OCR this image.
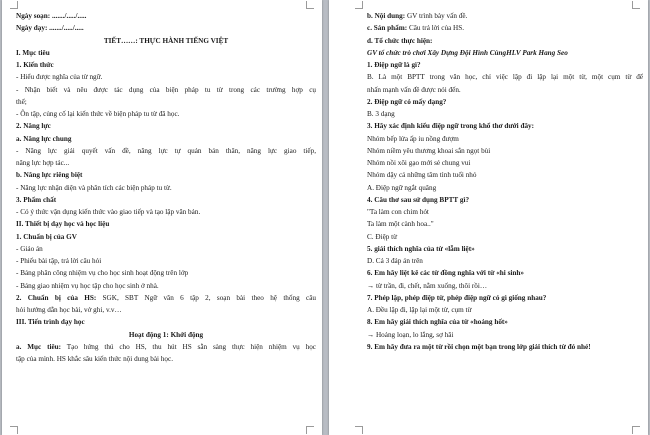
Ngày soạn: ......./...../.....
Ngày dạy: ......./...../.....
TIẾT……: THỰC HÀNH TIẾNG VIỆT
I. Mục tiêu
1. Kiến thức
- Hiểu được nghĩa của từ ngữ.
- Nhận biết và nêu được tác dụng của biện pháp tu từ trong các trường hợp cụ
thể;
- Ôn tập, củng cố lại kiến thức về biện pháp tu từ đã học.
2. Năng lực
a. Năng lực chung
- Năng lực giải quyết vấn đề, năng lực tự quản bản thân, năng lực giao tiếp,
năng lực hợp tác...
b. Năng lực riêng biệt
- Năng lực nhận diện và phân tích các biện pháp tu từ.
3. Phẩm chất
- Có ý thức vận dụng kiến thức vào giao tiếp và tạo lập văn bản.
II. Thiết bị dạy học và học liệu
1. Chuẩn bị của GV
- Giáo án
- Phiếu bài tập, trả lời câu hỏi
- Bảng phân công nhiệm vụ cho học sinh hoạt động trên lớp
- Bảng giao nhiệm vụ học tập cho học sinh ở nhà.
2. Chuẩn bị của HS: SGK, SBT Ngữ văn 6 tập 2, soạn bài theo hệ thống câu
hỏi hướng dẫn học bài, vở ghi, v.v…
III. Tiến trình dạy học
Hoạt động 1: Khởi động
a. Mục tiêu: Tạo hứng thú cho HS, thu hút HS sẵn sàng thực hiện nhiệm vụ học
tập của mình. HS khắc sâu kiến thức nội dung bài học.
b. Nội dung: GV trình bày vấn đề.
c. Sản phẩm: Câu trả lời của HS.
d. Tổ chức thực hiện:
GV tổ chức trò chơi Xây Dựng Đội Hình CùngHLV Park Hang Seo
1. Điệp ngữ là gì?
B. Là một BPTT trong văn học, chỉ việc lặp đi lặp lại một từ, một cụm từ để
nhấn mạnh vấn đề được nói đến.
2. Điệp ngữ có mấy dạng?
B. 3 dạng
3. Hãy xác định kiểu điệp ngữ trong khổ thơ dưới đây:
Nhóm bếp lửa ấp iu nồng đượm
Nhóm niềm yêu thương khoai sắn ngọt bùi
Nhóm nồi xôi gạo mới sẻ chung vui
Nhóm dậy cả những tâm tình tuổi nhỏ
A. Điệp ngữ ngắt quãng
4. Câu thơ sau sử dụng BPTT gì?
"Ta làm con chim hót
Ta làm một cành hoa.."
C. Điệp từ
5. giải thích nghĩa của từ «lẫm liệt»
D. Cả 3 đáp án trên
6. Em hãy liệt kê các từ đồng nghĩa với từ «hi sinh»
→ từ trần, đi, chết, nằm xuống, thôi rồi…
7. Phép lặp, phép điệp từ, phép điệp ngữ có gì giống nhau?
A. Đều lặp đi, lặp lại một từ, cụm từ
8. Em hãy giải thích nghĩa của từ «hoảng hốt»
→ Hoảng loạn, lo lắng, sợ hãi
9. Em hãy đưa ra một từ rồi chọn một bạn trong lớp giải thích từ đó nhé!
